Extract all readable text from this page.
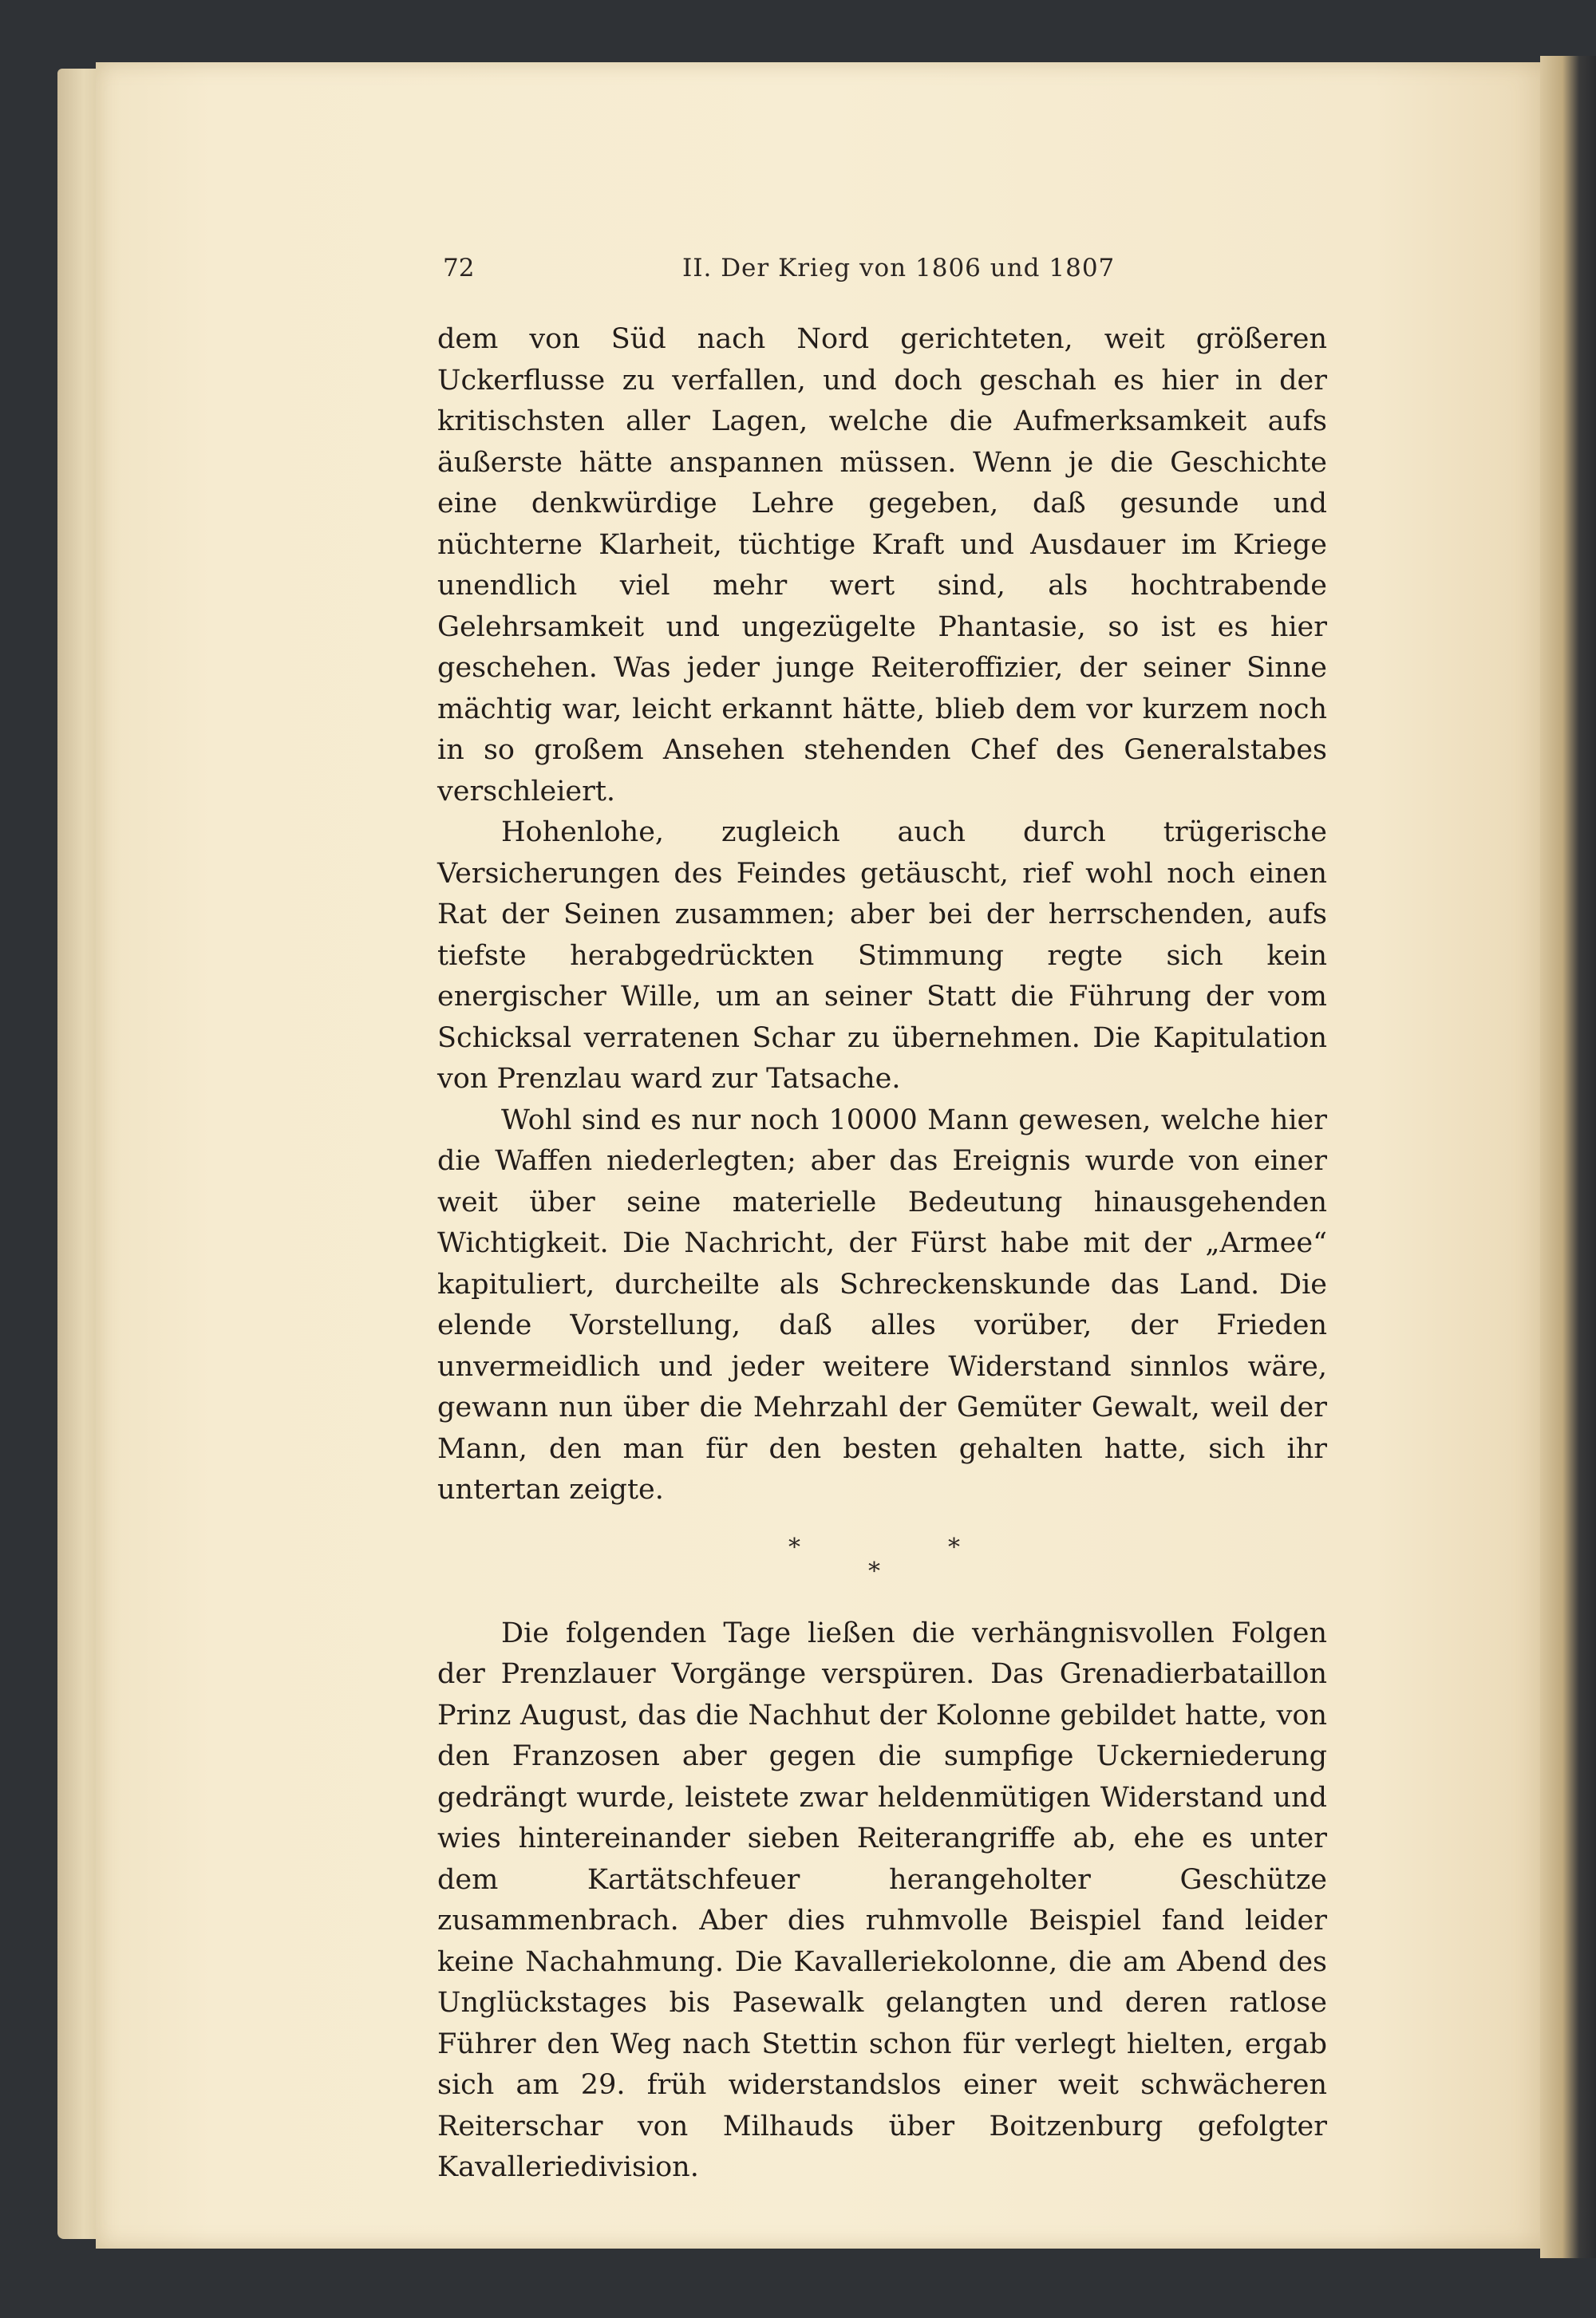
72	II. Der Krieg von 1806 und 1807

dem von Süd nach Nord gerichteten, weit größeren Uckerflusse zu verfallen, und doch geschah es hier in der kritischsten aller Lagen, welche die Aufmerksamkeit aufs äußerste hätte anspannen müssen. Wenn je die Geschichte eine denkwürdige Lehre gegeben, daß gesunde und nüchterne Klarheit, tüchtige Kraft und Ausdauer im Kriege unendlich viel mehr wert sind, als hochtrabende Gelehrsamkeit und ungezügelte Phantasie, so ist es hier geschehen. Was jeder junge Reiteroffizier, der seiner Sinne mächtig war, leicht erkannt hätte, blieb dem vor kurzem noch in so großem Ansehen stehenden Chef des Generalstabes verschleiert.

Hohenlohe, zugleich auch durch trügerische Versicherungen des Feindes getäuscht, rief wohl noch einen Rat der Seinen zusammen; aber bei der herrschenden, aufs tiefste herabgedrückten Stimmung regte sich kein energischer Wille, um an seiner Statt die Führung der vom Schicksal verratenen Schar zu übernehmen. Die Kapitulation von Prenzlau ward zur Tatsache.

Wohl sind es nur noch 10000 Mann gewesen, welche hier die Waffen niederlegten; aber das Ereignis wurde von einer weit über seine materielle Bedeutung hinausgehenden Wichtigkeit. Die Nachricht, der Fürst habe mit der „Armee“ kapituliert, durcheilte als Schreckenskunde das Land. Die elende Vorstellung, daß alles vorüber, der Frieden unvermeidlich und jeder weitere Widerstand sinnlos wäre, gewann nun über die Mehrzahl der Gemüter Gewalt, weil der Mann, den man für den besten gehalten hatte, sich ihr untertan zeigte.

*	*
*

Die folgenden Tage ließen die verhängnisvollen Folgen der Prenzlauer Vorgänge verspüren. Das Grenadierbataillon Prinz August, das die Nachhut der Kolonne gebildet hatte, von den Franzosen aber gegen die sumpfige Uckerniederung gedrängt wurde, leistete zwar heldenmütigen Widerstand und wies hintereinander sieben Reiterangriffe ab, ehe es unter dem Kartätschfeuer herangeholter Geschütze zusammenbrach. Aber dies ruhmvolle Beispiel fand leider keine Nachahmung. Die Kavalleriekolonne, die am Abend des Unglückstages bis Pasewalk gelangten und deren ratlose Führer den Weg nach Stettin schon für verlegt hielten, ergab sich am 29. früh widerstandslos einer weit schwächeren Reiterschar von Milhauds über Boitzenburg gefolgter Kavalleriedivision.
